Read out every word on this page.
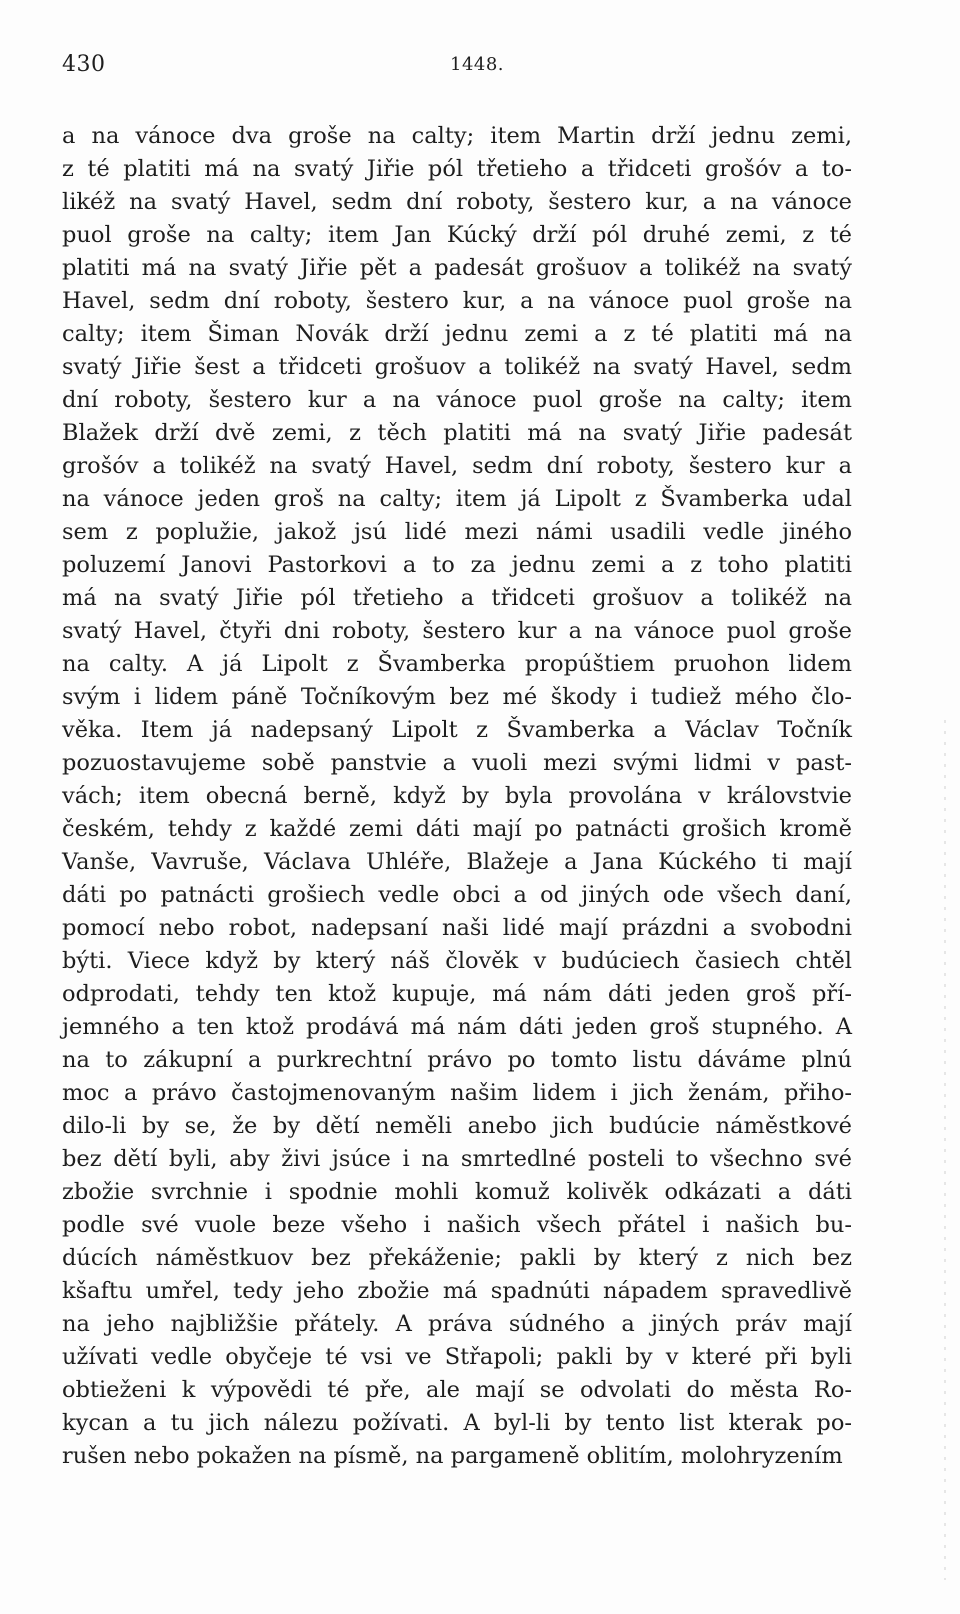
430	1448.
a na vánoce dva groše na calty; item Martin drží jednu zemi,
z té platiti má na svatý Jiřie pól třetieho a třidceti grošóv a to-
likéž na svatý Havel, sedm dní roboty, šestero kur, a na vánoce
puol groše na calty; item Jan Kúcký drží pól druhé zemi, z té
platiti má na svatý Jiřie pět a padesát grošuov a tolikéž na svatý
Havel, sedm dní roboty, šestero kur, a na vánoce puol groše na
calty; item Šiman Novák drží jednu zemi a z té platiti má na
svatý Jiřie šest a třidceti grošuov a tolikéž na svatý Havel, sedm
dní roboty, šestero kur a na vánoce puol groše na calty; item
Blažek drží dvě zemi, z těch platiti má na svatý Jiřie padesát
grošóv a tolikéž na svatý Havel, sedm dní roboty, šestero kur a
na vánoce jeden groš na calty; item já Lipolt z Švamberka udal
sem z poplužie, jakož jsú lidé mezi námi usadili vedle jiného
poluzemí Janovi Pastorkovi a to za jednu zemi a z toho platiti
má na svatý Jiřie pól třetieho a třidceti grošuov a tolikéž na
svatý Havel, čtyři dni roboty, šestero kur a na vánoce puol groše
na calty. A já Lipolt z Švamberka propúštiem pruohon lidem
svým i lidem páně Točníkovým bez mé škody i tudiež mého člo-
věka. Item já nadepsaný Lipolt z Švamberka a Václav Točník
pozuostavujeme sobě panstvie a vuoli mezi svými lidmi v past-
vách; item obecná berně, když by byla provolána v královstvie
českém, tehdy z každé zemi dáti mají po patnácti grošich kromě
Vanše, Vavruše, Václava Uhléře, Blažeje a Jana Kúckého ti mají
dáti po patnácti grošiech vedle obci a od jiných ode všech daní,
pomocí nebo robot, nadepsaní naši lidé mají prázdni a svobodni
býti. Viece když by který náš člověk v budúciech časiech chtěl
odprodati, tehdy ten ktož kupuje, má nám dáti jeden groš pří-
jemného a ten ktož prodává má nám dáti jeden groš stupného. A
na to zákupní a purkrechtní právo po tomto listu dáváme plnú
moc a právo častojmenovaným našim lidem i jich ženám, přiho-
dilo-li by se, že by dětí neměli anebo jich budúcie náměstkové
bez dětí byli, aby živi jsúce i na smrtedlné posteli to všechno své
zbožie svrchnie i spodnie mohli komuž kolivěk odkázati a dáti
podle své vuole beze všeho i našich všech přátel i našich bu-
dúcích náměstkuov bez překáženie; pakli by který z nich bez
kšaftu umřel, tedy jeho zbožie má spadnúti nápadem spravedlivě
na jeho najbližšie přátely. A práva súdného a jiných práv mají
užívati vedle obyčeje té vsi ve Střapoli; pakli by v které při byli
obtieženi k výpovědi té pře, ale mají se odvolati do města Ro-
kycan a tu jich nálezu požívati. A byl-li by tento list kterak po-
rušen nebo pokažen na písmě, na pargameně oblitím, molohryzením
